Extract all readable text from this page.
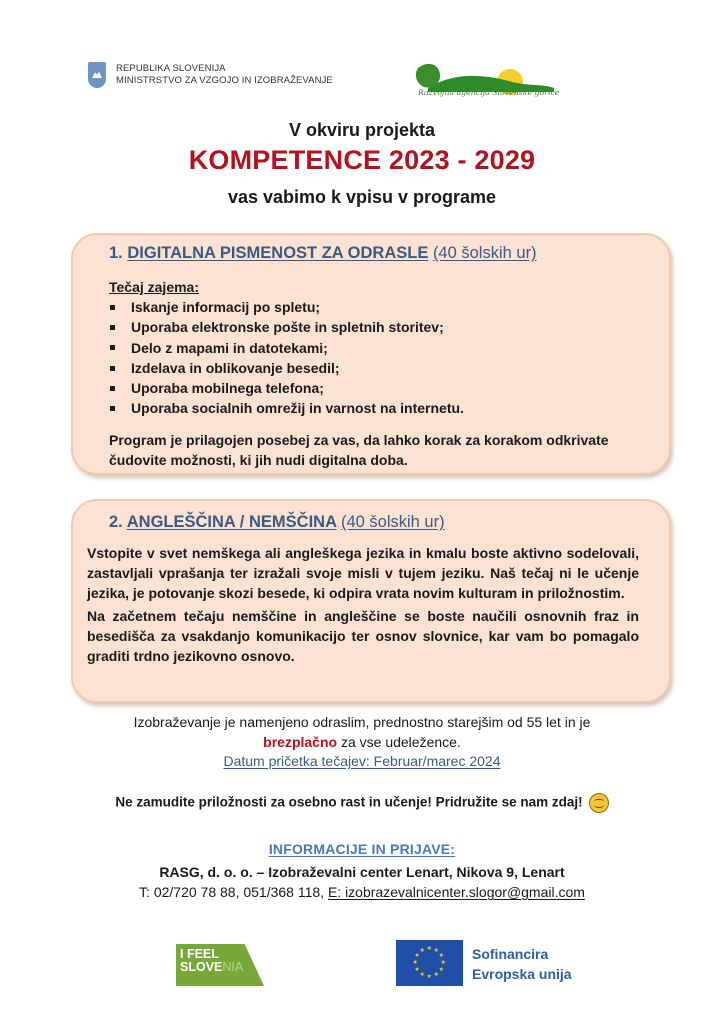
REPUBLIKA SLOVENIJA
MINISTRSTVO ZA VZGOJO IN IZOBRAŽEVANJE
Razvojna agencija Slovenske gorice
V okviru projekta
KOMPETENCE 2023 - 2029
vas vabimo k vpisu v programe
1. DIGITALNA PISMENOST ZA ODRASLE (40 šolskih ur)
Tečaj zajema:
Iskanje informacij po spletu;
Uporaba elektronske pošte in spletnih storitev;
Delo z mapami in datotekami;
Izdelava in oblikovanje besedil;
Uporaba mobilnega telefona;
Uporaba socialnih omrežij in varnost na internetu.
Program je prilagojen posebej za vas, da lahko korak za korakom odkrivate čudovite možnosti, ki jih nudi digitalna doba.
2. ANGLEŠČINA / NEMŠČINA (40 šolskih ur)

Vstopite v svet nemškega ali angleškega jezika in kmalu boste aktivno sodelovali, zastavljali vprašanja ter izražali svoje misli v tujem jeziku. Naš tečaj ni le učenje jezika, je potovanje skozi besede, ki odpira vrata novim kulturam in priložnostim.

Na začetnem tečaju nemščine in angleščine se boste naučili osnovnih fraz in besedišča za vsakdanjo komunikacijo ter osnov slovnice, kar vam bo pomagalo graditi trdno jezikovno osnovo.

Izobraževanje je namenjeno odraslim, prednostno starejšim od 55 let in je
brezplačno za vse udeležence.
Datum pričetka tečajev: Februar/marec 2024
Ne zamudite priložnosti za osebno rast in učenje! Pridružite se nam zdaj!
INFORMACIJE IN PRIJAVE:
RASG, d. o. o. – Izobraževalni center Lenart, Nikova 9, Lenart
T: 02/720 78 88, 051/368 118, E: izobrazevalnicenter.slogor@gmail.com
I FEEL
SLOVENIA
★ ★
★
★
★
★
★
★
★
★
★
★	Sofinancira
Evropska unija
